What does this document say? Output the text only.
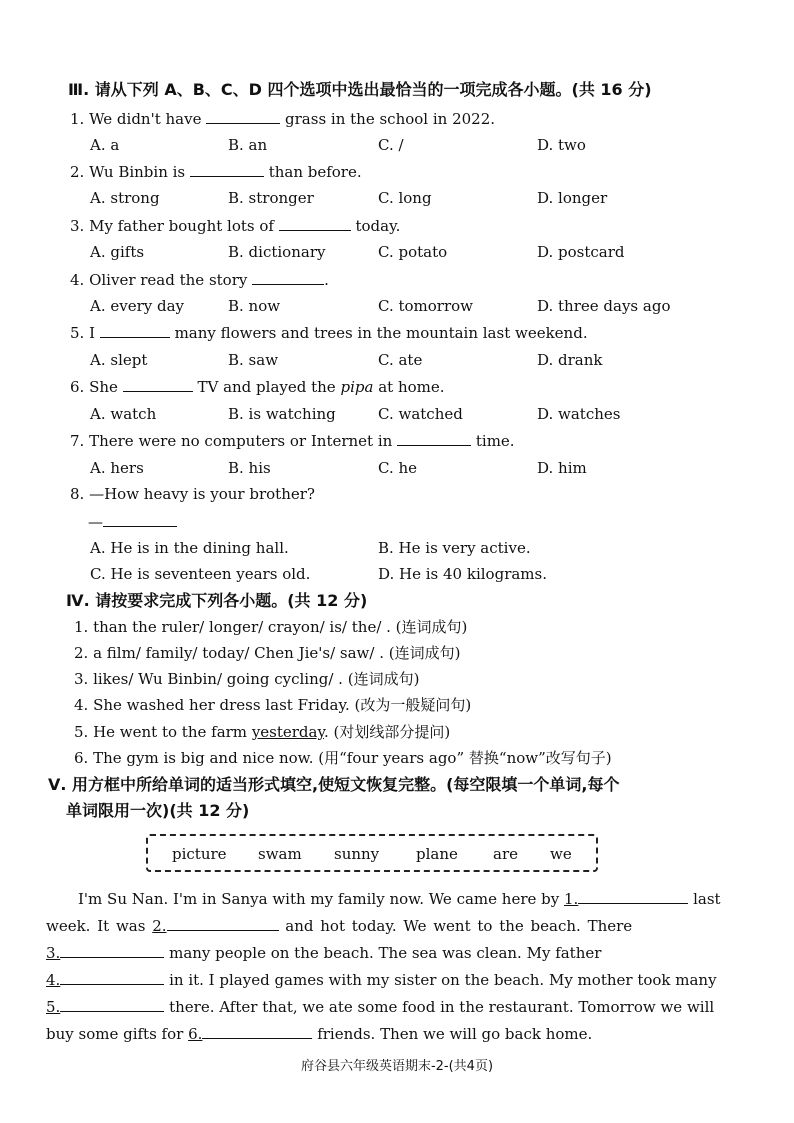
Ⅲ. 请从下列 A、B、C、D 四个选项中选出最恰当的一项完成各小题。(共 16 分)
1. We didn't have	grass in the school in 2022.
A. a	B. an	C. /	D. two
2. Wu Binbin is	than before.
A. strong	B. stronger	C. long	D. longer
3. My father bought lots of	today.
A. gifts	B. dictionary	C. potato	D. postcard
4. Oliver read the story	.
A. every day	B. now	C. tomorrow	D. three days ago
5. I	many flowers and trees in the mountain last weekend.
A. slept	B. saw	C. ate	D. drank
6. She	TV and played the pipa at home.
A. watch	B. is watching	C. watched	D. watches
7. There were no computers or Internet in	time.
A. hers	B. his	C. he	D. him
8. —How heavy is your brother?
—
A. He is in the dining hall.	B. He is very active.
C. He is seventeen years old.	D. He is 40 kilograms.
Ⅳ. 请按要求完成下列各小题。(共 12 分)
1. than the ruler/ longer/ crayon/ is/ the/ . (连词成句)
2. a film/ family/ today/ Chen Jie's/ saw/ . (连词成句)
3. likes/ Wu Binbin/ going cycling/ . (连词成句)
4. She washed her dress last Friday. (改为一般疑问句)
5. He went to the farm yesterday. (对划线部分提问)
6. The gym is big and nice now. (用“four years ago” 替换“now”改写句子)
Ⅴ. 用方框中所给单词的适当形式填空,使短文恢复完整。(每空限填一个单词,每个
单词限用一次)(共 12 分)
picture swam sunny plane are we
I'm Su Nan. I'm in Sanya with my family now. We came here by 1.	last
week. It was 2.	and hot today. We went to the beach. There
3.	many people on the beach. The sea was clean. My father
4.	in it. I played games with my sister on the beach. My mother took many
5.	there. After that, we ate some food in the restaurant. Tomorrow we will
buy some gifts for 6.	friends. Then we will go back home.
府谷县六年级英语期末-2-(共4页)
